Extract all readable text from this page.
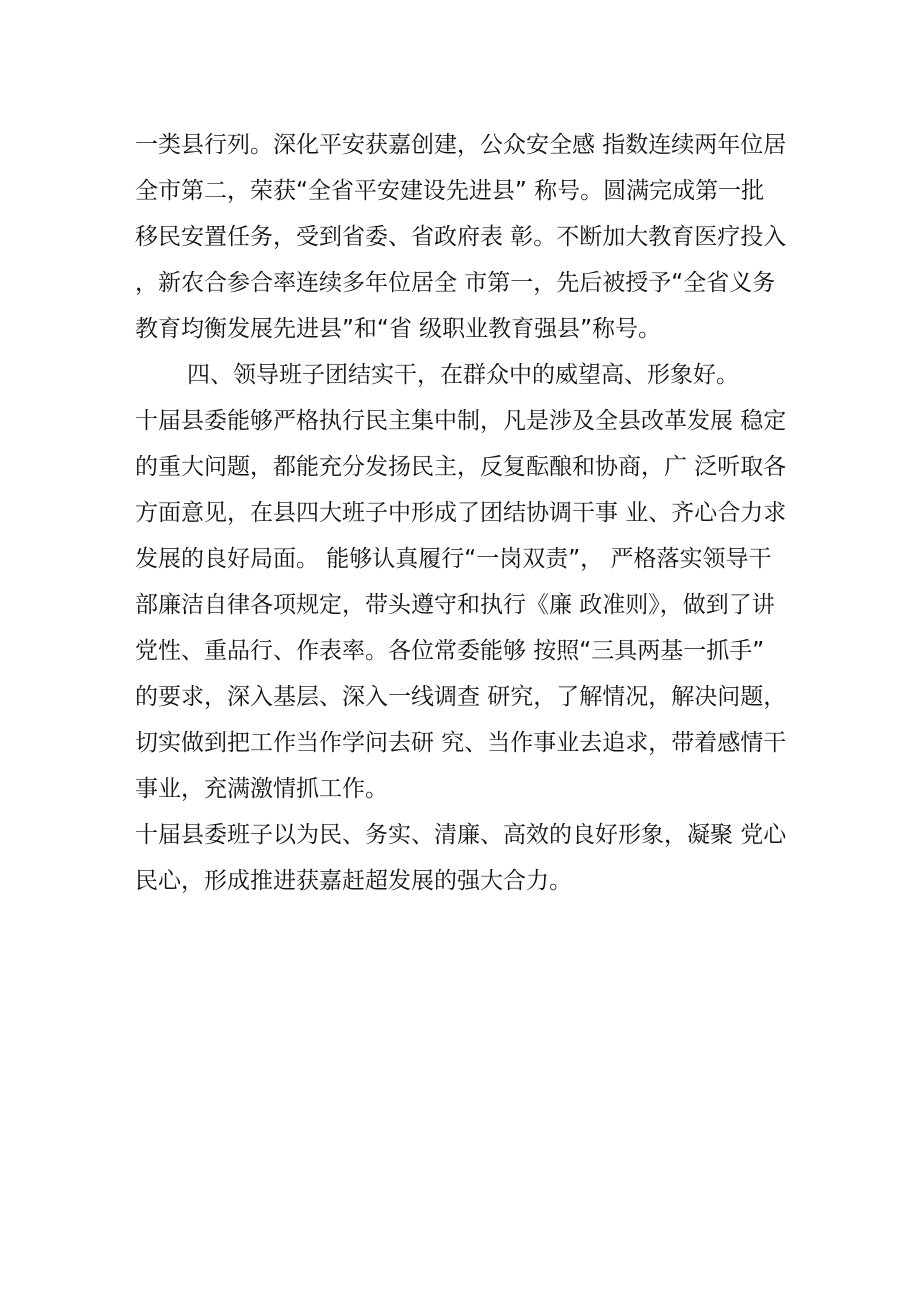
一类县行列。深化平安获嘉创建，公众安全感 指数连续两年位居
全市第二，荣获“全省平安建设先进县” 称号。圆满完成第一批
移民安置任务，受到省委、省政府表 彰。不断加大教育医疗投入
，新农合参合率连续多年位居全 市第一，先后被授予“全省义务
教育均衡发展先进县”和“省 级职业教育强县”称号。
四、领导班子团结实干，在群众中的威望高、形象好。
十届县委能够严格执行民主集中制，凡是涉及全县改革发展 稳定
的重大问题，都能充分发扬民主，反复酝酿和协商，广 泛听取各
方面意见，在县四大班子中形成了团结协调干事 业、齐心合力求
发展的良好局面。 能够认真履行“一岗双责”， 严格落实领导干
部廉洁自律各项规定，带头遵守和执行《廉 政准则》，做到了讲
党性、重品行、作表率。各位常委能够 按照“三具两基一抓手”
的要求，深入基层、深入一线调查 研究，了解情况，解决问题，
切实做到把工作当作学问去研 究、当作事业去追求，带着感情干
事业，充满激情抓工作。
十届县委班子以为民、务实、清廉、高效的良好形象，凝聚 党心
民心，形成推进获嘉赶超发展的强大合力。
